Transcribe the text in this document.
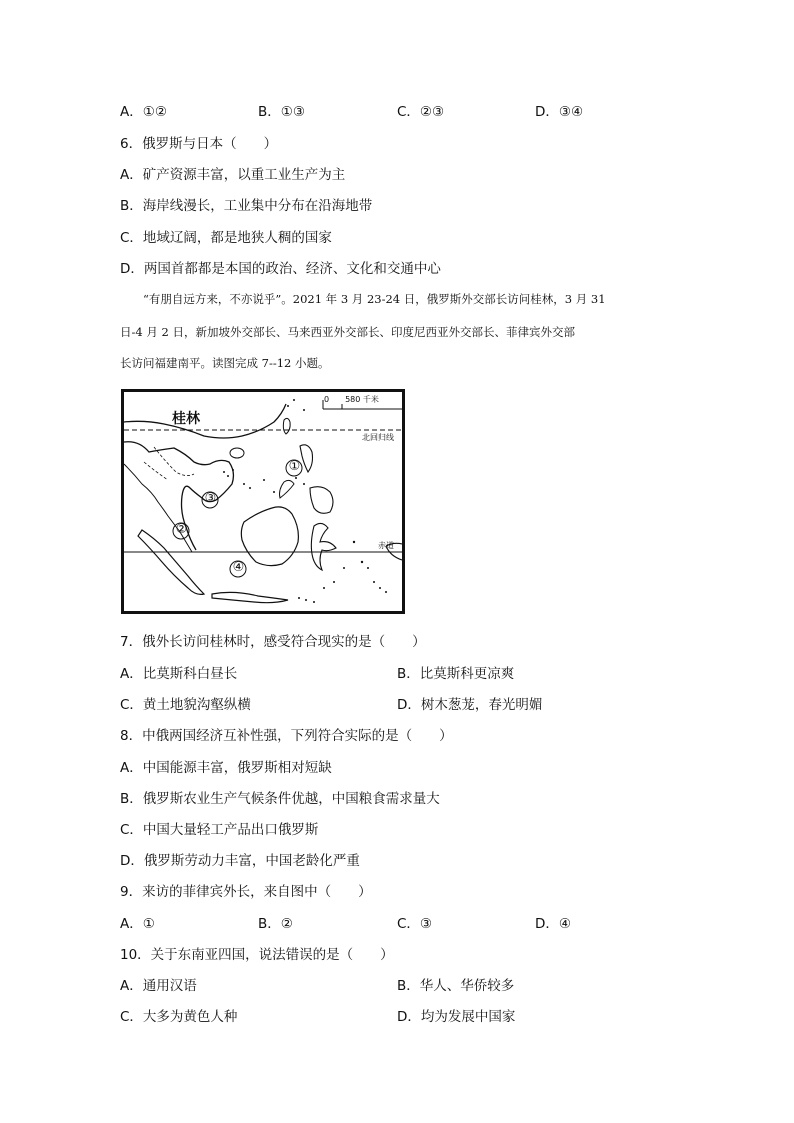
A．①②	B．①③	C．②③	D．③④
6．俄罗斯与日本（　　）
A．矿产资源丰富，以重工业生产为主
B．海岸线漫长，工业集中分布在沿海地带
C．地域辽阔，都是地狭人稠的国家
D．两国首都都是本国的政治、经济、文化和交通中心
“有朋自远方来，不亦说乎”。2021 年 3 月 23-24 日，俄罗斯外交部长访问桂林，3 月 31
日-4 月 2 日，新加坡外交部长、马来西亚外交部长、印度尼西亚外交部长、菲律宾外交部
长访问福建南平。读图完成 7--12 小题。
桂林
0　　580 千米
北回归线
赤道
①
②
③
④
7．俄外长访问桂林时，感受符合现实的是（　　）
A．比莫斯科白昼长	B．比莫斯科更凉爽
C．黄土地貌沟壑纵横	D．树木葱茏，春光明媚
8．中俄两国经济互补性强，下列符合实际的是（　　）
A．中国能源丰富，俄罗斯相对短缺
B．俄罗斯农业生产气候条件优越，中国粮食需求量大
C．中国大量轻工产品出口俄罗斯
D．俄罗斯劳动力丰富，中国老龄化严重
9．来访的菲律宾外长，来自图中（　　）
A．①	B．②	C．③	D．④
10．关于东南亚四国，说法错误的是（　　）
A．通用汉语	B．华人、华侨较多
C．大多为黄色人种	D．均为发展中国家
